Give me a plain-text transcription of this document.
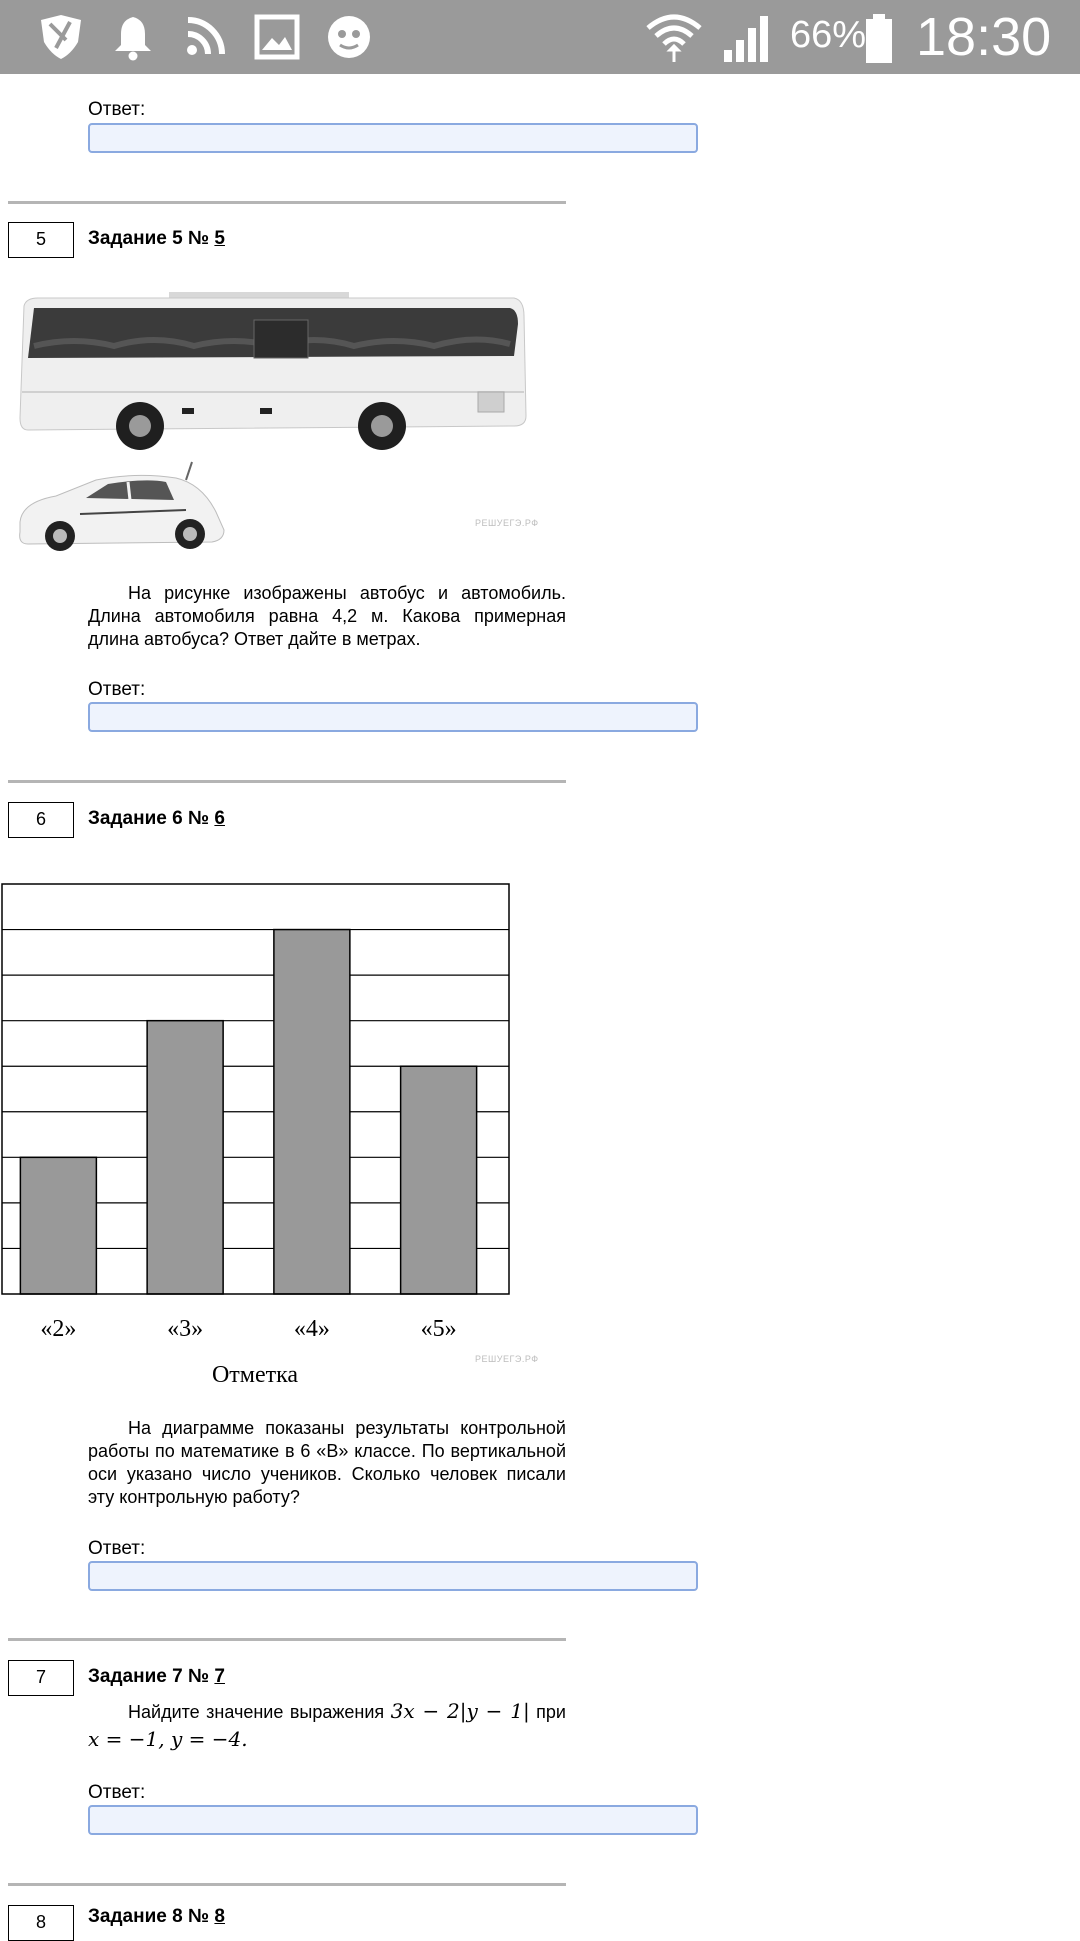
66% 18:30
Ответ:
5	Задание 5 № 5
РЕШУЕГЭ.РФ
На рисунке изображены автобус и автомобиль. Длина автомобиля равна 4,2 м. Какова примерная длина автобуса? Ответ дайте в метрах.
Ответ:
6	Задание 6 № 6
«2»	«3»	«4»	«5»
Отметка
РЕШУЕГЭ.РФ
На диаграмме показаны результаты контрольной работы по математике в 6 «В» классе. По вертикальной оси указано число учеников. Сколько человек писали эту контрольную работу?
Ответ:
7	Задание 7 № 7
Найдите значение выражения 3x − 2|y − 1| при x = −1, y = −4.
Ответ:
8	Задание 8 № 8
